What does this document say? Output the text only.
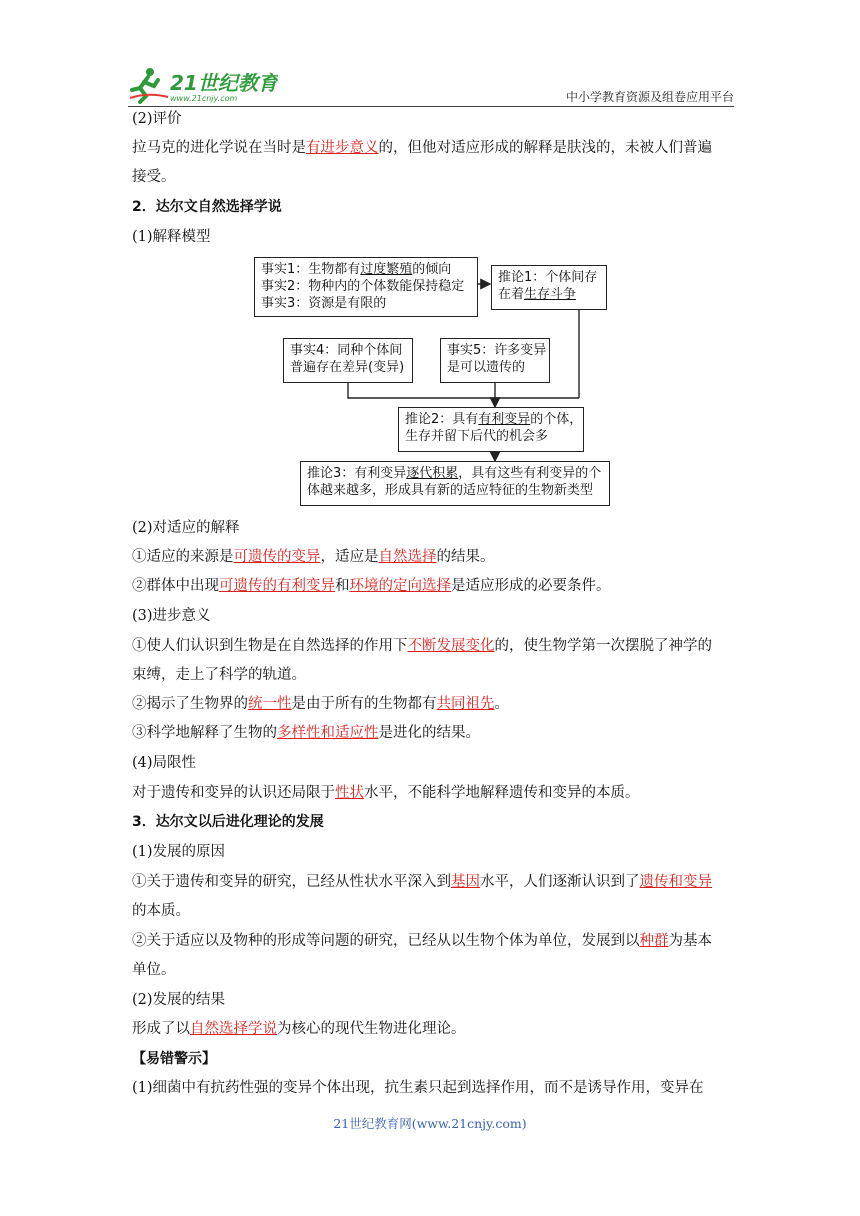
21世纪教育
www.21cnjy.com	中小学教育资源及组卷应用平台
(2)评价
拉马克的进化学说在当时是有进步意义的，但他对适应形成的解释是肤浅的，未被人们普遍
接受。
2．达尔文自然选择学说
(1)解释模型
(2)对适应的解释
①适应的来源是可遗传的变异，适应是自然选择的结果。
②群体中出现可遗传的有利变异和环境的定向选择是适应形成的必要条件。
(3)进步意义
①使人们认识到生物是在自然选择的作用下不断发展变化的，使生物学第一次摆脱了神学的
束缚，走上了科学的轨道。
②揭示了生物界的统一性是由于所有的生物都有共同祖先。
③科学地解释了生物的多样性和适应性是进化的结果。
(4)局限性
对于遗传和变异的认识还局限于性状水平，不能科学地解释遗传和变异的本质。
3．达尔文以后进化理论的发展
(1)发展的原因
①关于遗传和变异的研究，已经从性状水平深入到基因水平，人们逐渐认识到了遗传和变异
的本质。
②关于适应以及物种的形成等问题的研究，已经从以生物个体为单位，发展到以种群为基本
单位。
(2)发展的结果
形成了以自然选择学说为核心的现代生物进化理论。
【易错警示】
(1)细菌中有抗药性强的变异个体出现，抗生素只起到选择作用，而不是诱导作用，变异在
事实1：生物都有过度繁殖的倾向
事实2：物种内的个体数能保持稳定
事实3：资源是有限的
推论1：个体间存
在着生存斗争
事实4：同种个体间
普遍存在差异(变异)
事实5：许多变异
是可以遗传的
推论2：具有有利变异的个体，
生存并留下后代的机会多
推论3：有利变异逐代积累，具有这些有利变异的个
体越来越多，形成具有新的适应特征的生物新类型
21世纪教育网(www.21cnjy.com)
